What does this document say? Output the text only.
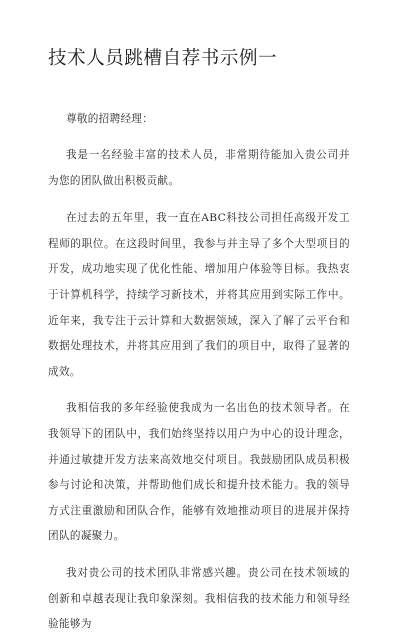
技术人员跳槽自荐书示例一

尊敬的招聘经理：

我是一名经验丰富的技术人员，非常期待能加入贵公司并为您的团队做出积极贡献。

在过去的五年里，我一直在ABC科技公司担任高级开发工程师的职位。在这段时间里，我参与并主导了多个大型项目的开发，成功地实现了优化性能、增加用户体验等目标。我热衷于计算机科学，持续学习新技术，并将其应用到实际工作中。近年来，我专注于云计算和大数据领域，深入了解了云平台和数据处理技术，并将其应用到了我们的项目中，取得了显著的成效。

我相信我的多年经验使我成为一名出色的技术领导者。在我领导下的团队中，我们始终坚持以用户为中心的设计理念，并通过敏捷开发方法来高效地交付项目。我鼓励团队成员积极参与讨论和决策，并帮助他们成长和提升技术能力。我的领导方式注重激励和团队合作，能够有效地推动项目的进展并保持团队的凝聚力。

我对贵公司的技术团队非常感兴趣。贵公司在技术领域的创新和卓越表现让我印象深刻。我相信我的技术能力和领导经验能够为
